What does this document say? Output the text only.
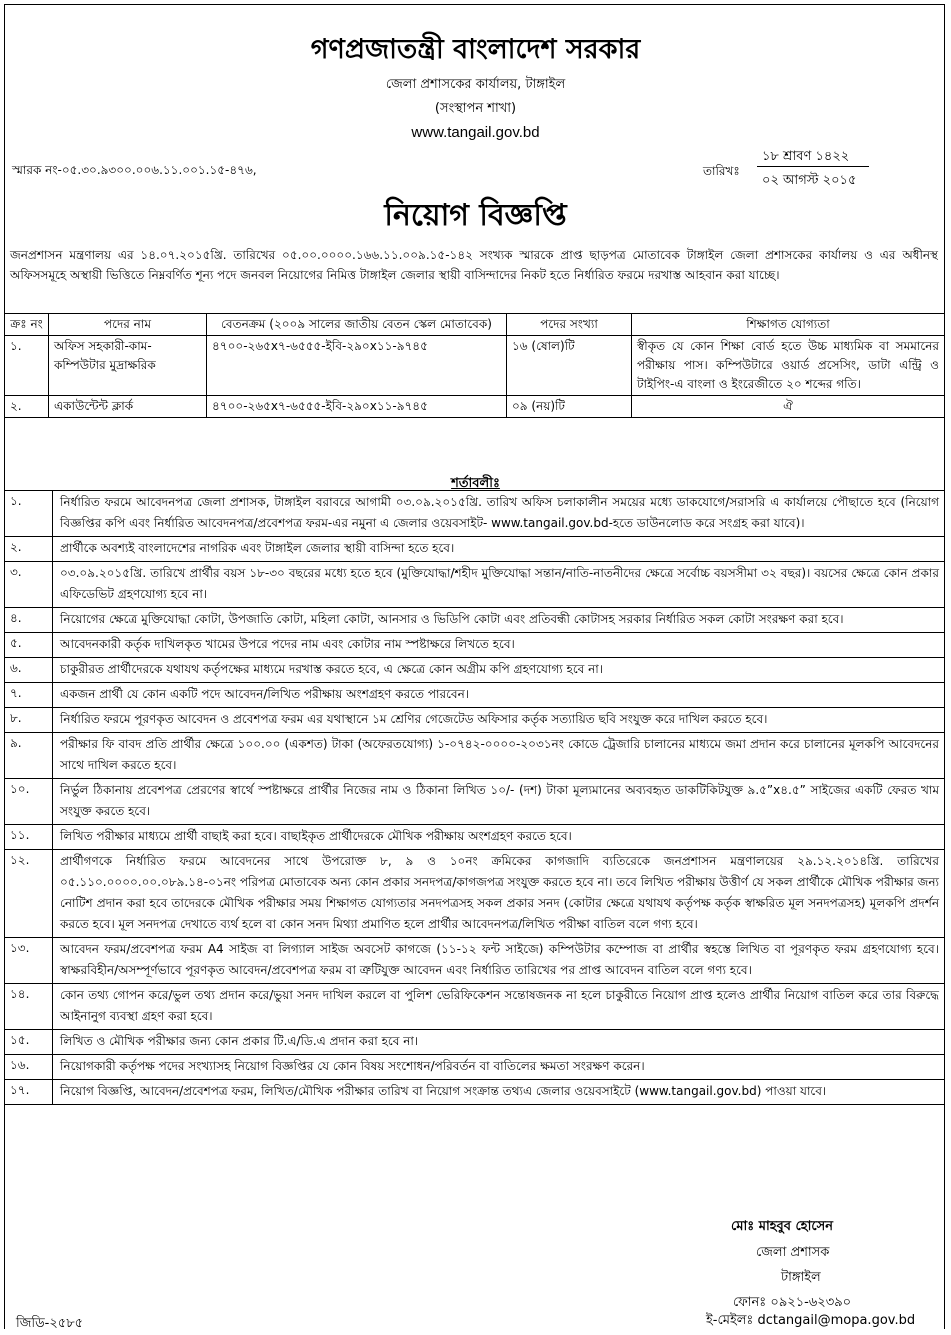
গণপ্রজাতন্ত্রী বাংলাদেশ সরকার
জেলা প্রশাসকের কার্যালয়, টাঙ্গাইল
(সংস্থাপন শাখা)
www.tangail.gov.bd
স্মারক নং-০৫.৩০.৯৩০০.০০৬.১১.০০১.১৫-৪৭৬,	তারিখঃ
১৮ শ্রাবণ ১৪২২
০২ আগস্ট ২০১৫
নিয়োগ বিজ্ঞপ্তি
জনপ্রশাসন মন্ত্রণালয় এর ১৪.০৭.২০১৫খ্রি. তারিখের ০৫.০০.০০০০.১৬৬.১১.০০৯.১৫-১৪২ সংখ্যক স্মারকে প্রাপ্ত ছাড়পত্র মোতাবেক টাঙ্গাইল জেলা প্রশাসকের কার্যালয় ও এর অধীনস্থ অফিসসমূহে অস্থায়ী ভিত্তিতে নিম্নবর্ণিত শূন্য পদে জনবল নিয়োগের নিমিত্ত টাঙ্গাইল জেলার স্থায়ী বাসিন্দাদের নিকট হতে নির্ধারিত ফরমে দরখাস্ত আহবান করা যাচ্ছে।
ক্রঃ নং	পদের নাম	বেতনক্রম (২০০৯ সালের জাতীয় বেতন স্কেল মোতাবেক)	পদের সংখ্যা	শিক্ষাগত যোগ্যতা
১.	অফিস সহকারী-কাম-কম্পিউটার মুদ্রাক্ষরিক	৪৭০০-২৬৫x৭-৬৫৫৫-ইবি-২৯০x১১-৯৭৪৫	১৬ (ষোল)টি	স্বীকৃত যে কোন শিক্ষা বোর্ড হতে উচ্চ মাধ্যমিক বা সমমানের পরীক্ষায় পাস। কম্পিউটারে ওয়ার্ড প্রসেসিং, ডাটা এন্ট্রি ও টাইপিং-এ বাংলা ও ইংরেজীতে ২০ শব্দের গতি।
২.	একাউন্টেন্ট ক্লার্ক	৪৭০০-২৬৫x৭-৬৫৫৫-ইবি-২৯০x১১-৯৭৪৫	০৯ (নয়)টি	ঐ
শর্তাবলীঃ
১.	নির্ধারিত ফরমে আবেদনপত্র জেলা প্রশাসক, টাঙ্গাইল বরাবরে আগামী ০৩.০৯.২০১৫খ্রি. তারিখ অফিস চলাকালীন সময়ের মধ্যে ডাকযোগে/সরাসরি এ কার্যালয়ে পৌছাতে হবে (নিয়োগ বিজ্ঞপ্তির কপি এবং নির্ধারিত আবেদনপত্র/প্রবেশপত্র ফরম-এর নমুনা এ জেলার ওয়েবসাইট- www.tangail.gov.bd-হতে ডাউনলোড করে সংগ্রহ করা যাবে)।
২.	প্রার্থীকে অবশ্যই বাংলাদেশের নাগরিক এবং টাঙ্গাইল জেলার স্থায়ী বাসিন্দা হতে হবে।
৩.	০৩.০৯.২০১৫খ্রি. তারিখে প্রার্থীর বয়স ১৮-৩০ বছরের মধ্যে হতে হবে (মুক্তিযোদ্ধা/শহীদ মুক্তিযোদ্ধা সন্তান/নাতি-নাতনীদের ক্ষেত্রে সর্বোচ্চ বয়সসীমা ৩২ বছর)। বয়সের ক্ষেত্রে কোন প্রকার এফিডেভিট গ্রহণযোগ্য হবে না।
৪.	নিয়োগের ক্ষেত্রে মুক্তিযোদ্ধা কোটা, উপজাতি কোটা, মহিলা কোটা, আনসার ও ভিডিপি কোটা এবং প্রতিবন্ধী কোটাসহ সরকার নির্ধারিত সকল কোটা সংরক্ষণ করা হবে।
৫.	আবেদনকারী কর্তৃক দাখিলকৃত খামের উপরে পদের নাম এবং কোটার নাম স্পষ্টাক্ষরে লিখতে হবে।
৬.	চাকুরীরত প্রার্থীদেরকে যথাযথ কর্তৃপক্ষের মাধ্যমে দরখাস্ত করতে হবে, এ ক্ষেত্রে কোন অগ্রীম কপি গ্রহণযোগ্য হবে না।
৭.	একজন প্রার্থী যে কোন একটি পদে আবেদন/লিখিত পরীক্ষায় অংশগ্রহণ করতে পারবেন।
৮.	নির্ধারিত ফরমে পূরণকৃত আবেদন ও প্রবেশপত্র ফরম এর যথাস্থানে ১ম শ্রেণির গেজেটেড অফিসার কর্তৃক সত্যায়িত ছবি সংযুক্ত করে দাখিল করতে হবে।
৯.	পরীক্ষার ফি বাবদ প্রতি প্রার্থীর ক্ষেত্রে ১০০.০০ (একশত) টাকা (অফেরতযোগ্য) ১-০৭৪২-০০০০-২০৩১নং কোডে ট্রেজারি চালানের মাধ্যমে জমা প্রদান করে চালানের মূলকপি আবেদনের সাথে দাখিল করতে হবে।
১০.	নির্ভুল ঠিকানায় প্রবেশপত্র প্রেরণের স্বার্থে স্পষ্টাক্ষরে প্রার্থীর নিজের নাম ও ঠিকানা লিখিত ১০/- (দশ) টাকা মূল্যমানের অব্যবহৃত ডাকটিকিটযুক্ত ৯.৫”x৪.৫” সাইজের একটি ফেরত খাম সংযুক্ত করতে হবে।
১১.	লিখিত পরীক্ষার মাধ্যমে প্রার্থী বাছাই করা হবে। বাছাইকৃত প্রার্থীদেরকে মৌখিক পরীক্ষায় অংশগ্রহণ করতে হবে।
১২.	প্রার্থীগণকে নির্ধারিত ফরমে আবেদনের সাথে উপরোক্ত ৮, ৯ ও ১০নং ক্রমিকের কাগজাদি ব্যতিরেকে জনপ্রশাসন মন্ত্রণালয়ের ২৯.১২.২০১৪খ্রি. তারিখের ০৫.১১০.০০০০.০০.০৮৯.১৪-০১নং পরিপত্র মোতাবেক অন্য কোন প্রকার সনদপত্র/কাগজপত্র সংযুক্ত করতে হবে না। তবে লিখিত পরীক্ষায় উত্তীর্ণ যে সকল প্রার্থীকে মৌখিক পরীক্ষার জন্য নোটিশ প্রদান করা হবে তাদেরকে মৌখিক পরীক্ষার সময় শিক্ষাগত যোগ্যতার সনদপত্রসহ সকল প্রকার সনদ (কোটার ক্ষেত্রে যথাযথ কর্তৃপক্ষ কর্তৃক স্বাক্ষরিত মূল সনদপত্রসহ) মূলকপি প্রদর্শন করতে হবে। মূল সনদপত্র দেখাতে ব্যর্থ হলে বা কোন সনদ মিথ্যা প্রমাণিত হলে প্রার্থীর আবেদনপত্র/লিখিত পরীক্ষা বাতিল বলে গণ্য হবে।
১৩.	আবেদন ফরম/প্রবেশপত্র ফরম A4 সাইজ বা লিগ্যাল সাইজ অবসেট কাগজে (১১-১২ ফন্ট সাইজে) কম্পিউটার কম্পোজ বা প্রার্থীর স্বহস্তে লিখিত বা পূরণকৃত ফরম গ্রহণযোগ্য হবে। স্বাক্ষরবিহীন/অসম্পূর্ণভাবে পূরণকৃত আবেদন/প্রবেশপত্র ফরম বা ত্রুটিযুক্ত আবেদন এবং নির্ধারিত তারিখের পর প্রাপ্ত আবেদন বাতিল বলে গণ্য হবে।
১৪.	কোন তথ্য গোপন করে/ভুল তথ্য প্রদান করে/ভুয়া সনদ দাখিল করলে বা পুলিশ ভেরিফিকেশন সন্তোষজনক না হলে চাকুরীতে নিয়োগ প্রাপ্ত হলেও প্রার্থীর নিয়োগ বাতিল করে তার বিরুদ্ধে আইনানুগ ব্যবস্থা গ্রহণ করা হবে।
১৫.	লিখিত ও মৌখিক পরীক্ষার জন্য কোন প্রকার টি.এ/ডি.এ প্রদান করা হবে না।
১৬.	নিয়োগকারী কর্তৃপক্ষ পদের সংখ্যাসহ নিয়োগ বিজ্ঞপ্তির যে কোন বিষয় সংশোধন/পরিবর্তন বা বাতিলের ক্ষমতা সংরক্ষণ করেন।
১৭.	নিয়োগ বিজ্ঞপ্তি, আবেদন/প্রবেশপত্র ফরম, লিখিত/মৌখিক পরীক্ষার তারিখ বা নিয়োগ সংক্রান্ত তথ্যএ জেলার ওয়েবসাইটে (www.tangail.gov.bd) পাওয়া যাবে।
মোঃ মাহবুব হোসেন
জেলা প্রশাসক
টাঙ্গাইল
ফোনঃ ০৯২১-৬২৩৯০
ই-মেইলঃ dctangail@mopa.gov.bd
জিডি-২৫৮৫
